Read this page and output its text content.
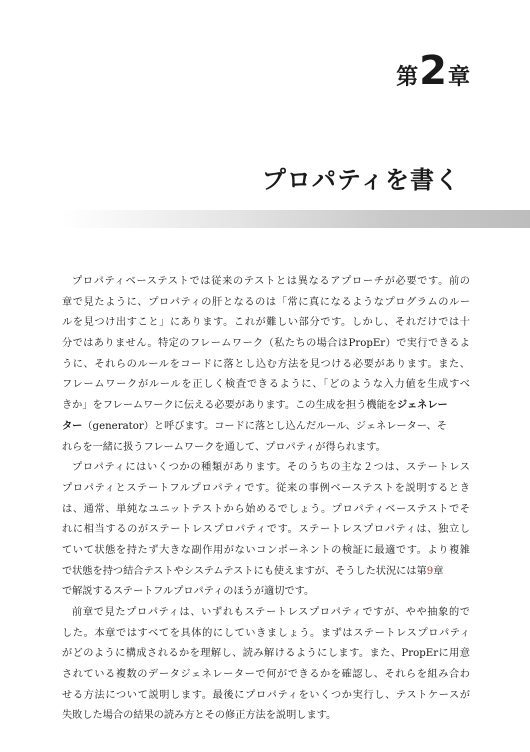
第 2 章
プロパティを書く
プロパティベーステストでは従来のテストとは異なるアプローチが必要です。前の
章で見たように、プロパティの肝となるのは「常に真になるようなプログラムのルー
ルを見つけ出すこと」にあります。これが難しい部分です。しかし、それだけでは十
分ではありません。特定のフレームワーク（私たちの場合はPropEr）で実行できるよ
うに、それらのルールをコードに落とし込む方法を見つける必要があります。また、
フレームワークがルールを正しく検査できるように、「どのような入力値を生成すべ
きか」をフレームワークに伝える必要があります。この生成を担う機能をジェネレー
ター（generator）と呼びます。コードに落とし込んだルール、ジェネレーター、そ
れらを一緒に扱うフレームワークを通して、プロパティが得られます。
プロパティにはいくつかの種類があります。そのうちの主な２つは、ステートレス
プロパティとステートフルプロパティです。従来の事例ベーステストを説明するとき
は、通常、単純なユニットテストから始めるでしょう。プロパティベーステストでそ
れに相当するのがステートレスプロパティです。ステートレスプロパティは、独立し
ていて状態を持たず大きな副作用がないコンポーネントの検証に最適です。より複雑
で状態を持つ結合テストやシステムテストにも使えますが、そうした状況には第9章
で解説するステートフルプロパティのほうが適切です。
前章で見たプロパティは、いずれもステートレスプロパティですが、やや抽象的で
した。本章ではすべてを具体的にしていきましょう。まずはステートレスプロパティ
がどのように構成されるかを理解し、読み解けるようにします。また、PropErに用意
されている複数のデータジェネレーターで何ができるかを確認し、それらを組み合わ
せる方法について説明します。最後にプロパティをいくつか実行し、テストケースが
失敗した場合の結果の読み方とその修正方法を説明します。
